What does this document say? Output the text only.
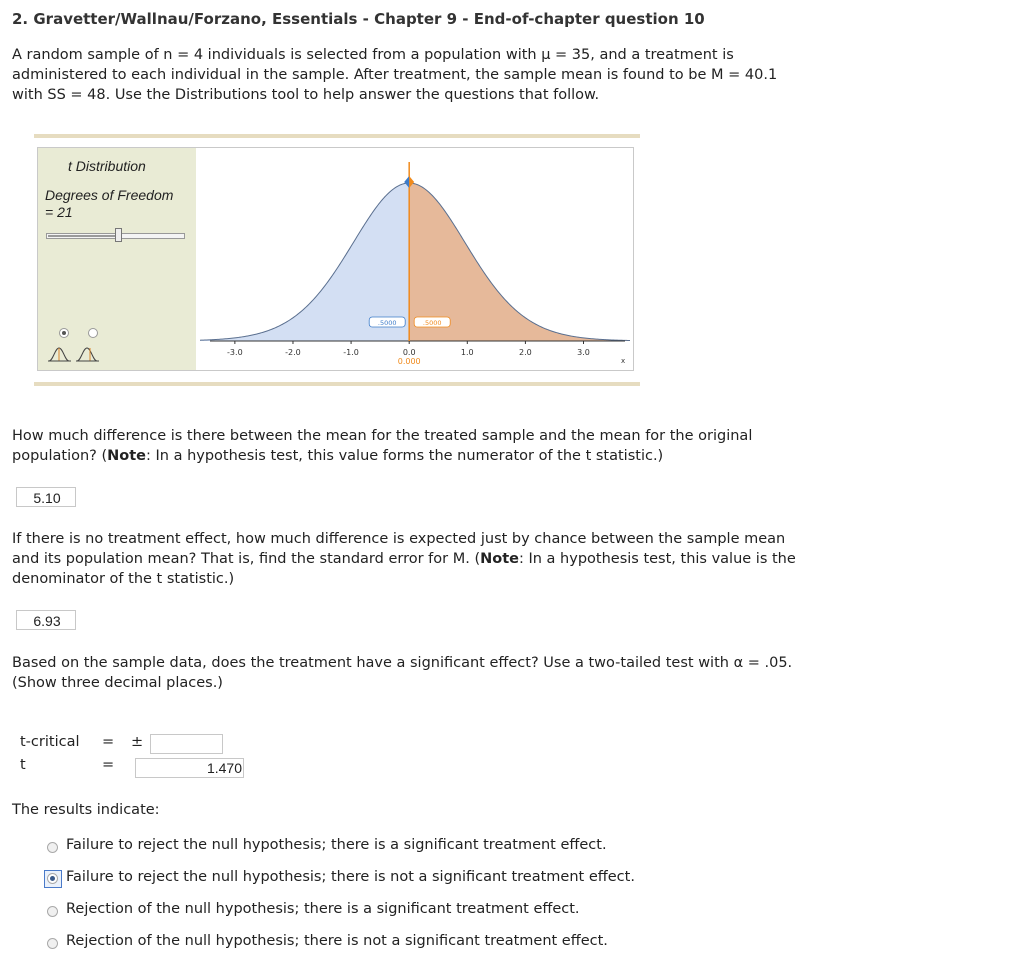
2. Gravetter/Wallnau/Forzano, Essentials - Chapter 9 - End-of-chapter question 10
A random sample of n = 4 individuals is selected from a population with μ = 35, and a treatment is administered to each individual in the sample. After treatment, the sample mean is found to be M = 40.1 with SS = 48. Use the Distributions tool to help answer the questions that follow.
t Distribution
Degrees of Freedom
= 21
-3.0	-2.0	-1.0	0.0	1.0	2.0	3.0
x
0.000
.5000	.5000
How much difference is there between the mean for the treated sample and the mean for the original population? (Note: In a hypothesis test, this value forms the numerator of the t statistic.)
5.10
If there is no treatment effect, how much difference is expected just by chance between the sample mean and its population mean? That is, find the standard error for M. (Note: In a hypothesis test, this value is the denominator of the t statistic.)
6.93
Based on the sample data, does the treatment have a significant effect? Use a two-tailed test with α = .05. (Show three decimal places.)
t-critical = ±
t	=	1.470
The results indicate:
Failure to reject the null hypothesis; there is a significant treatment effect.
Failure to reject the null hypothesis; there is not a significant treatment effect.
Rejection of the null hypothesis; there is a significant treatment effect.
Rejection of the null hypothesis; there is not a significant treatment effect.
